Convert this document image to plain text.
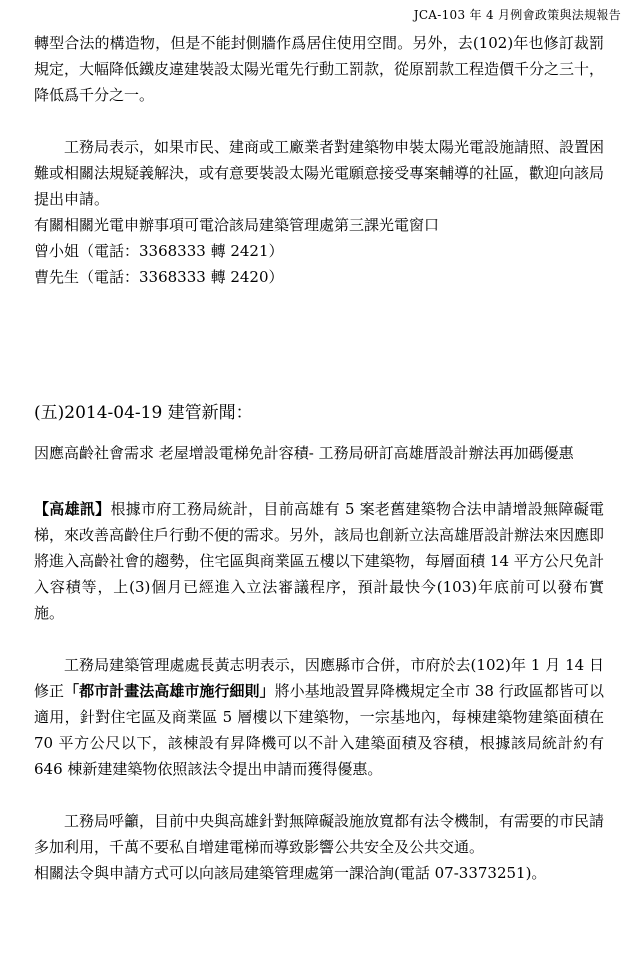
JCA-103 年 4 月例會政策與法規報告

轉型合法的構造物，但是不能封側牆作爲居住使用空間。另外，去(102)年也修訂裁罰規定，大幅降低鐵皮違建裝設太陽光電先行動工罰款，從原罰款工程造價千分之三十，降低爲千分之一。

工務局表示，如果市民、建商或工廠業者對建築物申裝太陽光電設施請照、設置困難或相關法規疑義解決，或有意要裝設太陽光電願意接受專案輔導的社區，歡迎向該局提出申請。

有關相關光電申辦事項可電洽該局建築管理處第三課光電窗口

曾小姐（電話：3368333 轉 2421）

曹先生（電話：3368333 轉 2420）

(五)2014-04-19 建管新聞：

因應高齡社會需求 老屋增設電梯免計容積- 工務局研訂高雄厝設計辦法再加碼優惠

【高雄訊】根據市府工務局統計，目前高雄有 5 案老舊建築物合法申請增設無障礙電梯，來改善高齡住戶行動不便的需求。另外，該局也創新立法高雄厝設計辦法來因應即將進入高齡社會的趨勢，住宅區與商業區五樓以下建築物，每層面積 14 平方公尺免計入容積等，上(3)個月已經進入立法審議程序，預計最快今(103)年底前可以發布實施。

工務局建築管理處處長黃志明表示，因應縣市合併，市府於去(102)年 1 月 14 日修正「都市計畫法高雄市施行細則」將小基地設置昇降機規定全市 38 行政區都皆可以適用，針對住宅區及商業區 5 層樓以下建築物，一宗基地內，每棟建築物建築面積在 70 平方公尺以下，該棟設有昇降機可以不計入建築面積及容積，根據該局統計約有 646 棟新建建築物依照該法令提出申請而獲得優惠。

工務局呼籲，目前中央與高雄針對無障礙設施放寬都有法令機制，有需要的市民請多加利用，千萬不要私自增建電梯而導致影響公共安全及公共交通。

相關法令與申請方式可以向該局建築管理處第一課洽詢(電話 07-3373251)。
